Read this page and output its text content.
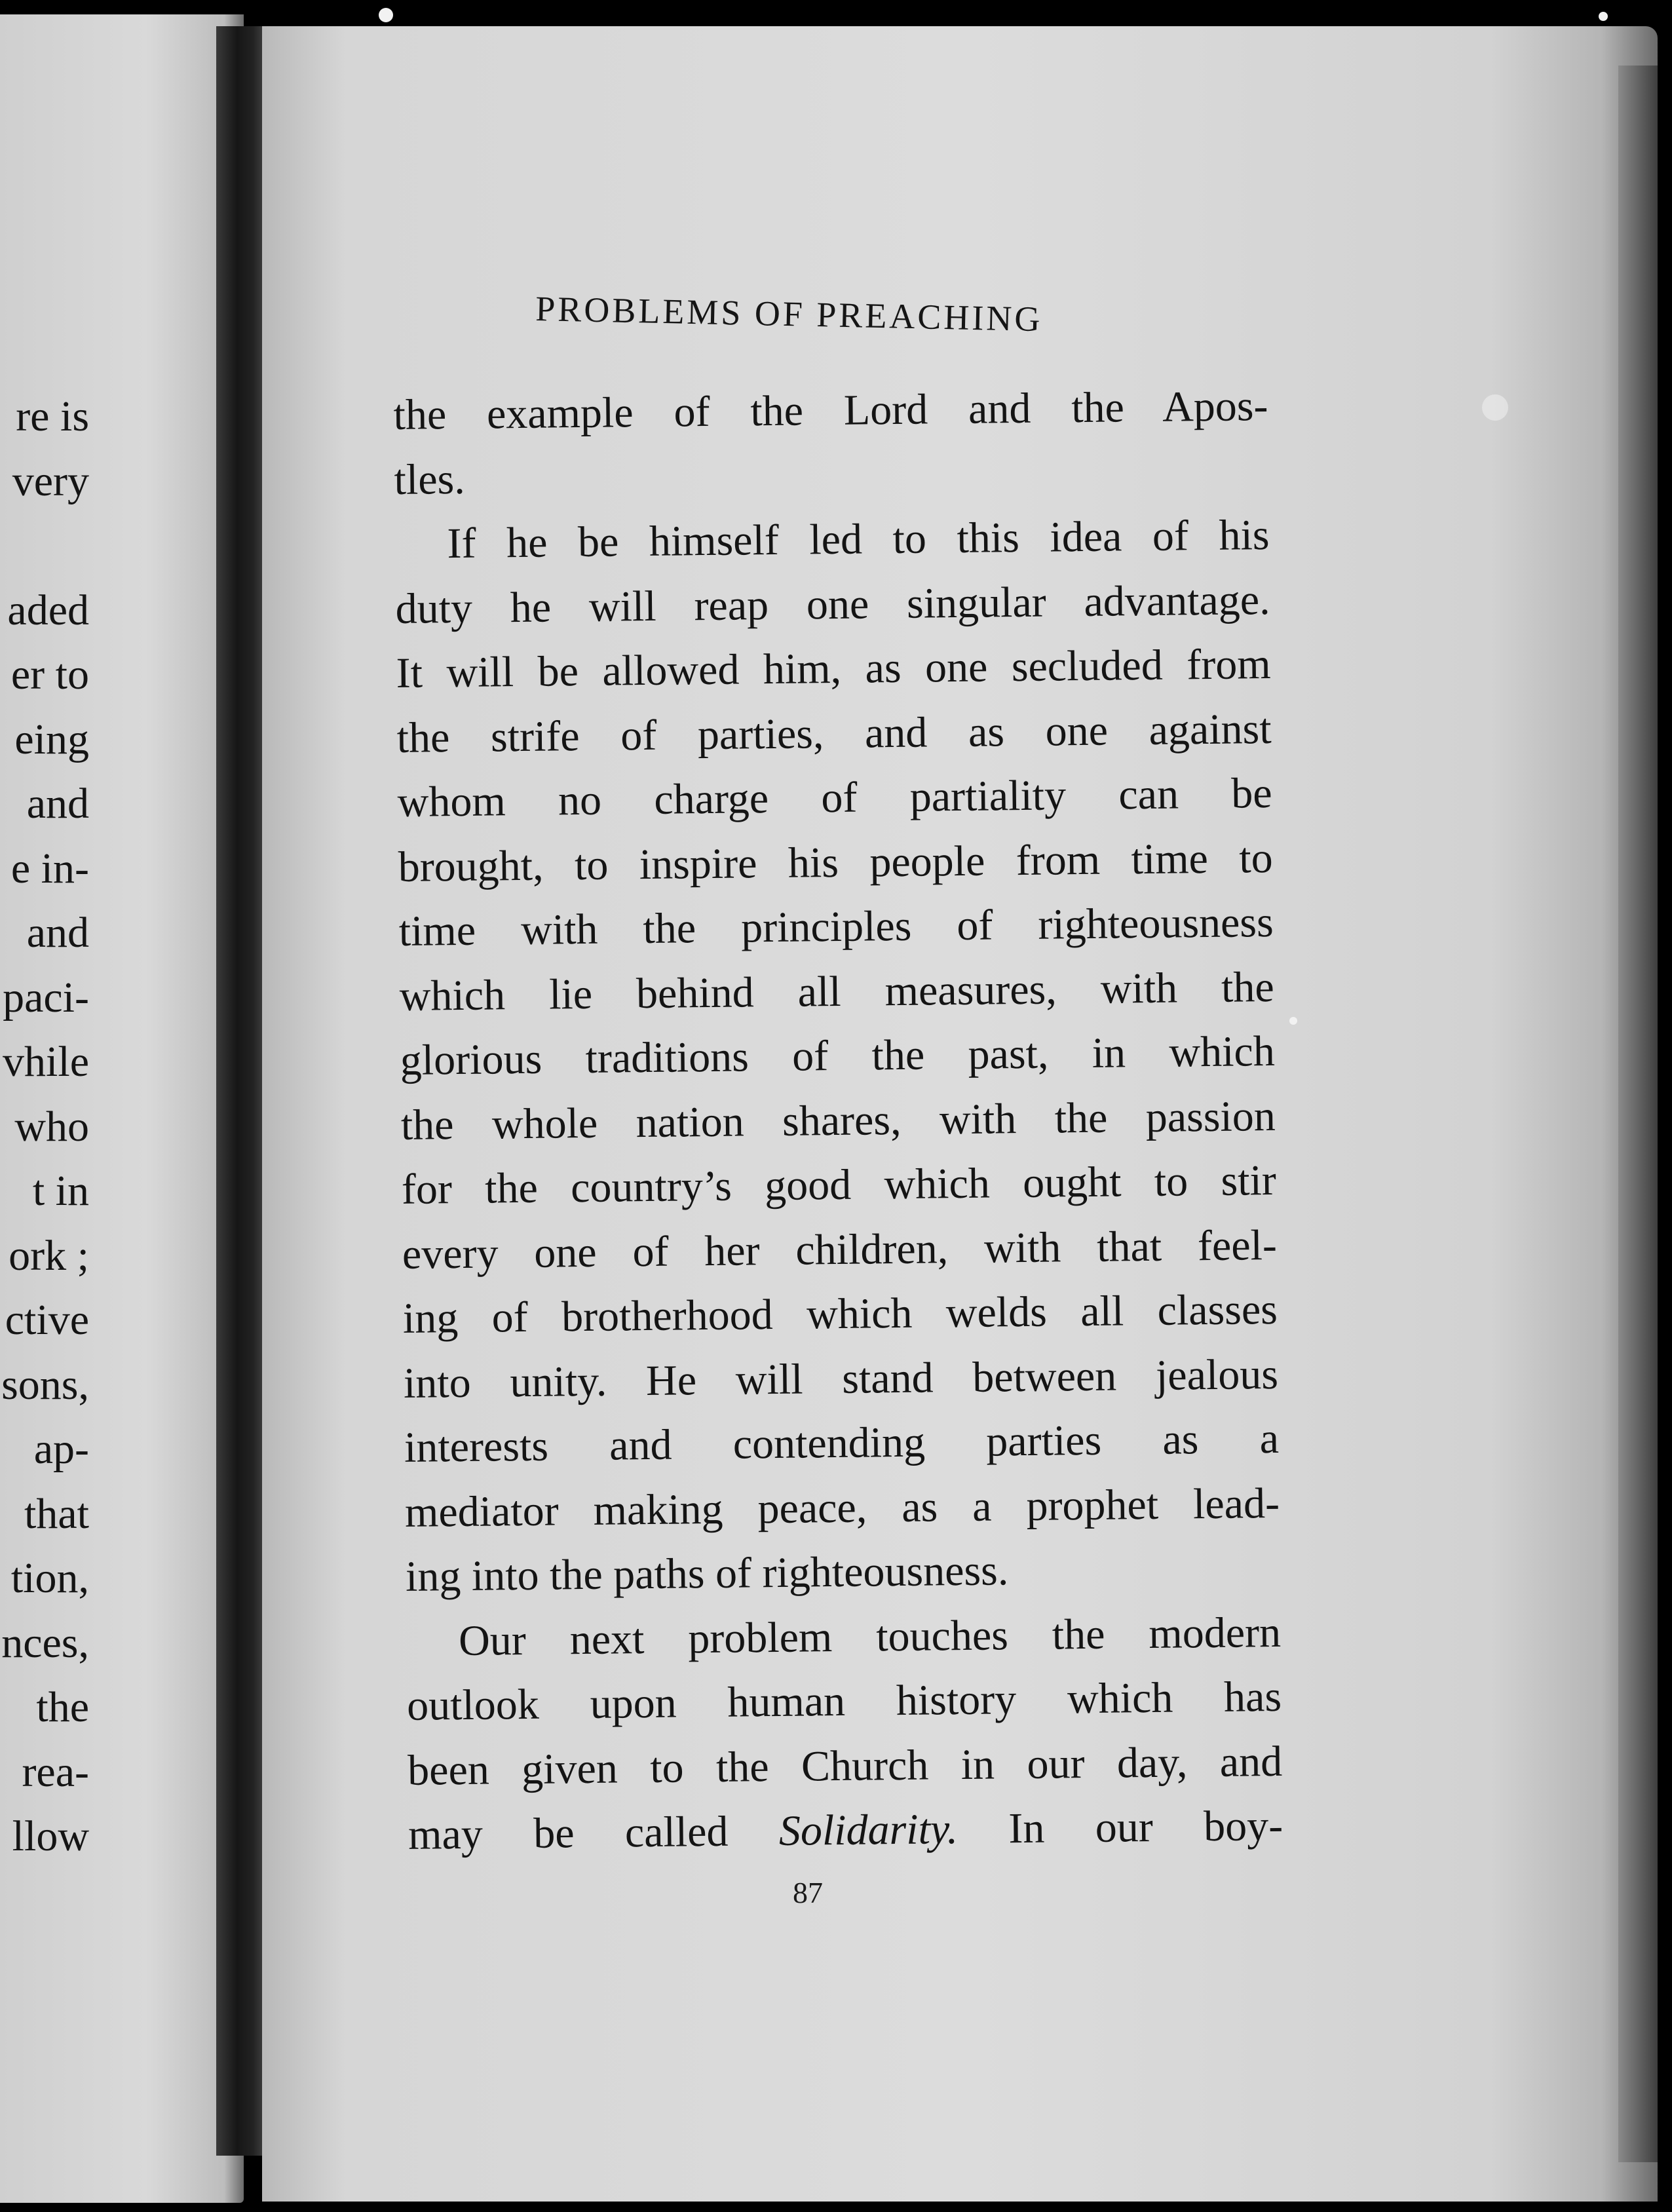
re is
very
aded
er to
eing
and
e in-
and
paci-
vhile
who
t in
ork ;
ctive
sons,
ap-
that
tion,
nces,
the
rea-
llow
PROBLEMS OF PREACHING
the example of the Lord and the Apos-
tles.
If he be himself led to this idea of his
duty he will reap one singular advantage.
It will be allowed him, as one secluded from
the strife of parties, and as one against
whom no charge of partiality can be
brought, to inspire his people from time to
time with the principles of righteousness
which lie behind all measures, with the
glorious traditions of the past, in which
the whole nation shares, with the passion
for the country’s good which ought to stir
every one of her children, with that feel-
ing of brotherhood which welds all classes
into unity. He will stand between jealous
interests and contending parties as a
mediator making peace, as a prophet lead-
ing into the paths of righteousness.
Our next problem touches the modern
outlook upon human history which has
been given to the Church in our day, and
may be called Solidarity. In our boy-
87
